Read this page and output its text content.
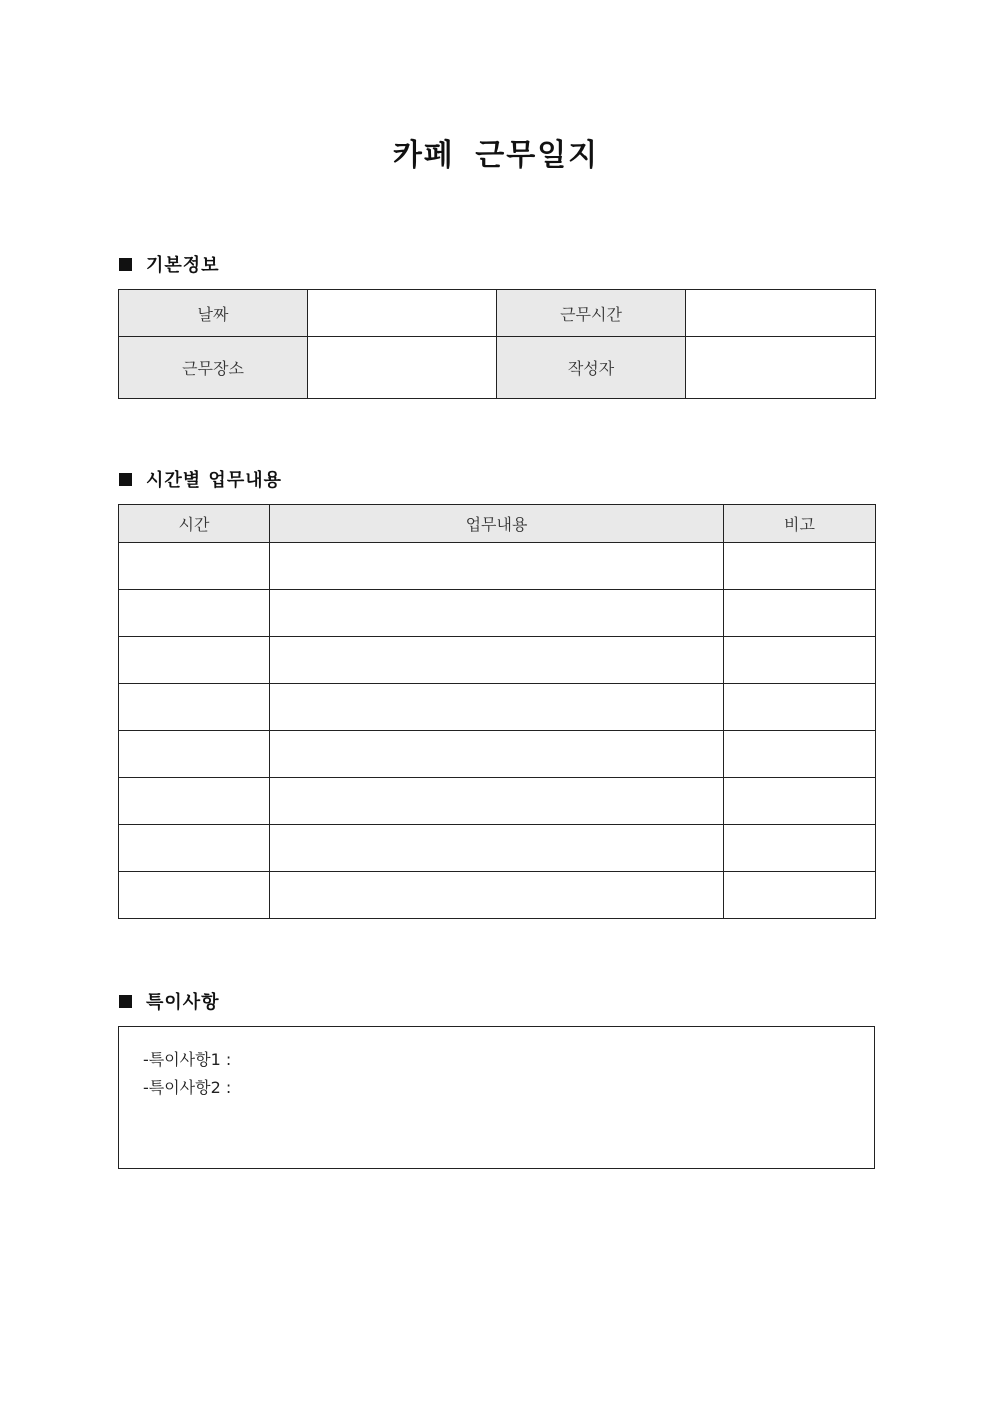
카페 근무일지
기본정보
날짜		근무시간	
근무장소		작성자	
시간별 업무내용
시간	업무내용	비고

특이사항
-특이사항1 :
-특이사항2 :
